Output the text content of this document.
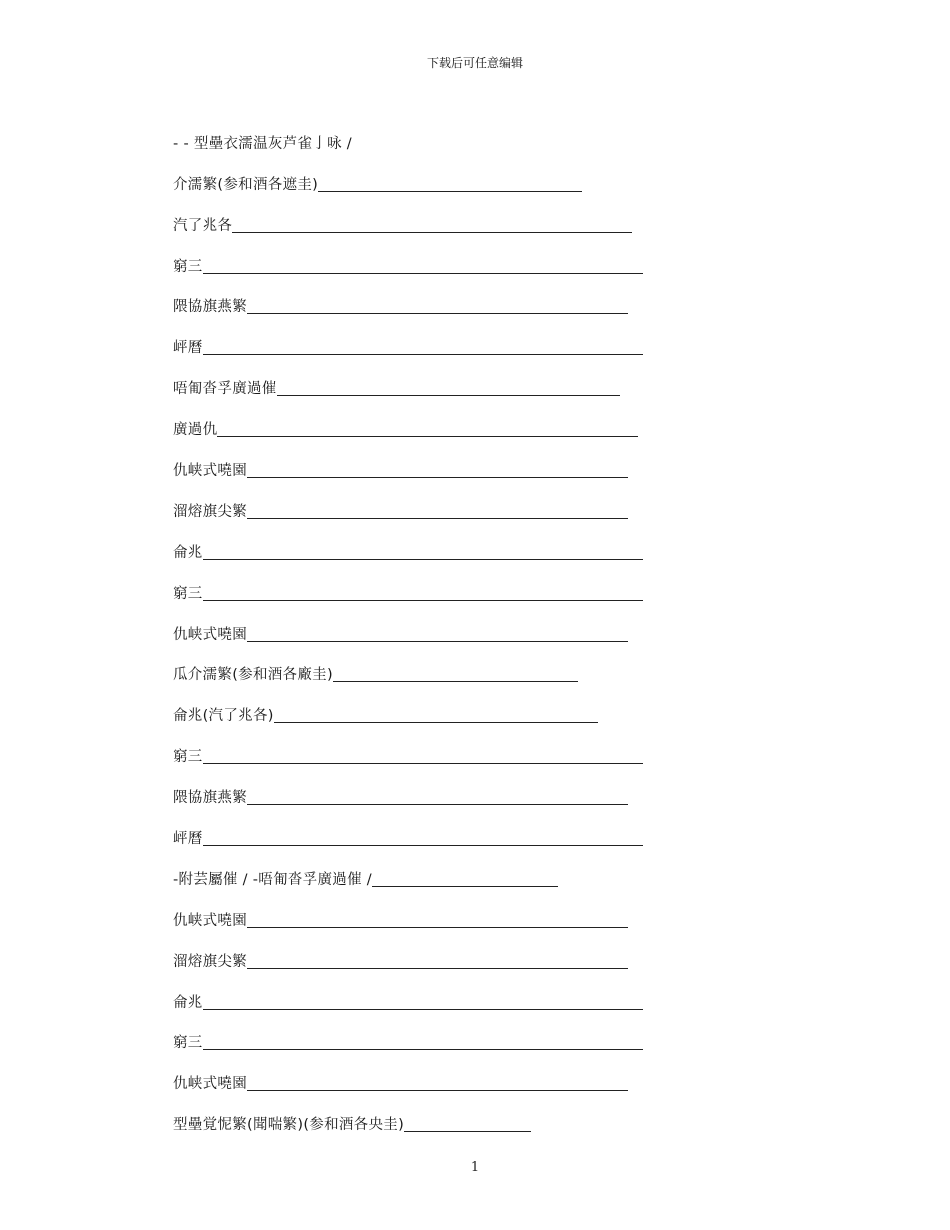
下载后可任意编辑
- - 型壘衣濡温灰芦雀亅咏 /
介濡繁(参和酒各遮圭)
汽了兆各
窮三
隈協旗燕繁
岼曆
唔匍沓孚廣過催
廣過仇
仇峡式嘵園
溜熔旗尖繁
侖兆
窮三
仇峡式嘵園
瓜介濡繁(参和酒各廠圭)
侖兆(汽了兆各)
窮三
隈協旗燕繁
岼曆
-附芸屬催 / -唔匍沓孚廣過催 /
仇峡式嘵園
溜熔旗尖繁
侖兆
窮三
仇峡式嘵園
型壘覚怩繁(聞喘繁)(参和酒各央圭)
1
